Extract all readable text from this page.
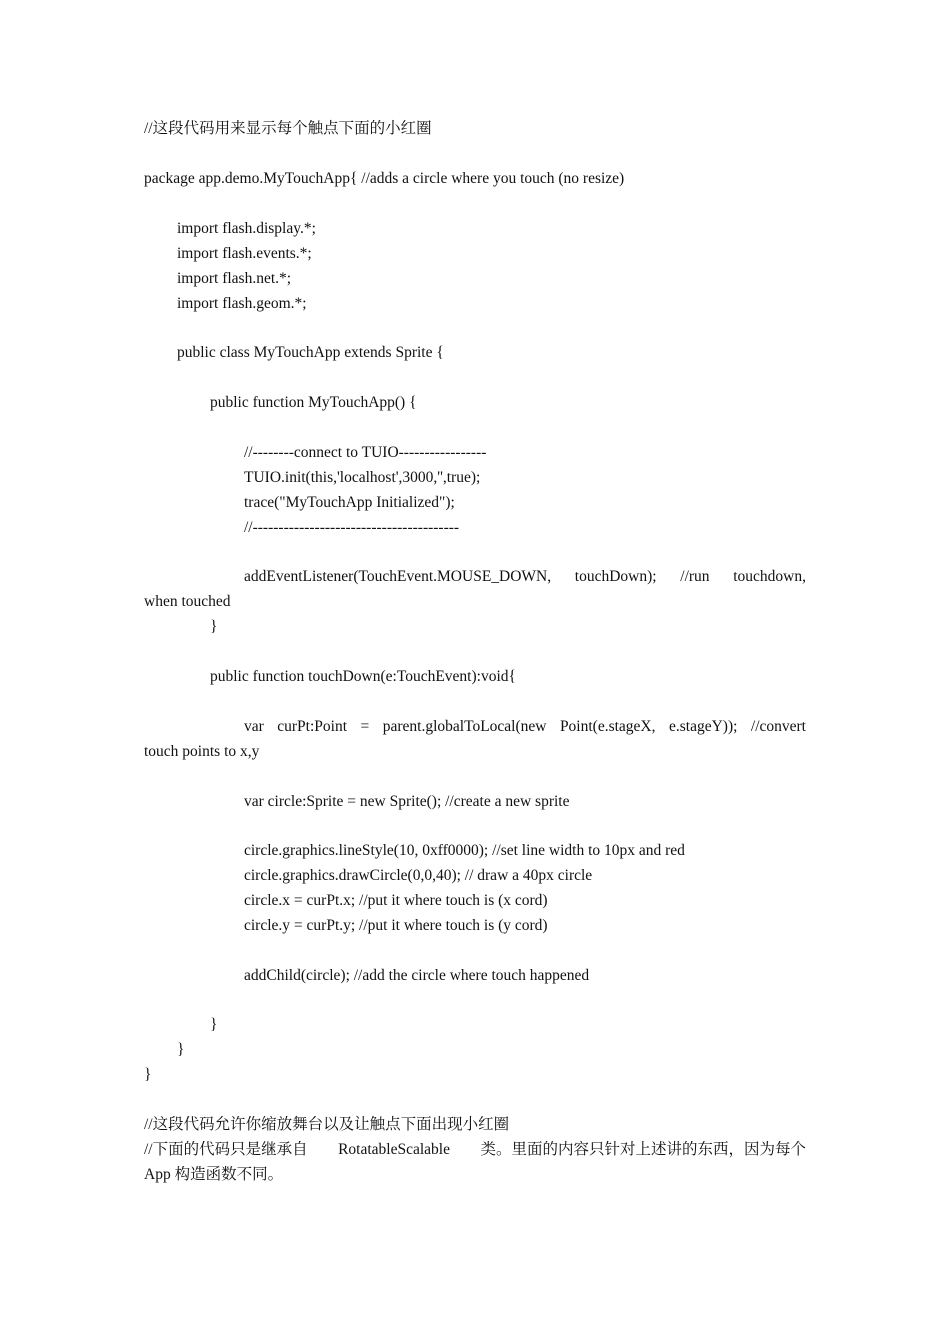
//这段代码用来显示每个触点下面的小红圈
package app.demo.MyTouchApp{ //adds a circle where you touch (no resize)
import flash.display.*;
import flash.events.*;
import flash.net.*;
import flash.geom.*;
public class MyTouchApp extends Sprite {
public function MyTouchApp() {
//--------connect to TUIO-----------------
TUIO.init(this,'localhost',3000,'',true);
trace("MyTouchApp Initialized");
//----------------------------------------
addEventListener(TouchEvent.MOUSE_DOWN, touchDown); //run touchdown,
when touched
}
public function touchDown(e:TouchEvent):void{
var curPt:Point = parent.globalToLocal(new Point(e.stageX, e.stageY)); //convert
touch points to x,y
var circle:Sprite = new Sprite(); //create a new sprite
circle.graphics.lineStyle(10, 0xff0000); //set line width to 10px and red
circle.graphics.drawCircle(0,0,40); // draw a 40px circle
circle.x = curPt.x; //put it where touch is (x cord)
circle.y = curPt.y; //put it where touch is (y cord)
addChild(circle); //add the circle where touch happened
}
}
}
//这段代码允许你缩放舞台以及让触点下面出现小红圈
//下面的代码只是继承自 RotatableScalable 类。里面的内容只针对上述讲的东西，因为每个
App 构造函数不同。
